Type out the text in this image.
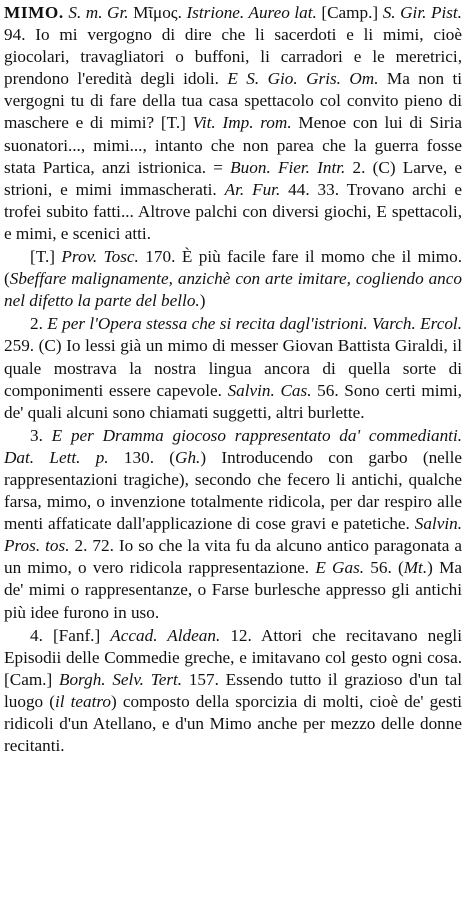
MIMO. S. m. Gr. Μῖμος. Istrione. Aureo lat. [Camp.] S. Gir. Pist. 94. Io mi vergogno di dire che li sacerdoti e li mimi, cioè giocolari, travagliatori o buffoni, li carradori e le meretrici, prendono l'eredità degli idoli. E S. Gio. Gris. Om. Ma non ti vergogni tu di fare della tua casa spettacolo col convito pieno di maschere e di mimi? [T.] Vit. Imp. rom. Menoe con lui di Siria suonatori..., mimi..., intanto che non parea che la guerra fosse stata Partica, anzi istrionica. = Buon. Fier. Intr. 2. (C) Larve, e strioni, e mimi immascherati. Ar. Fur. 44. 33. Trovano archi e trofei subito fatti... Altrove palchi con diversi giochi, E spettacoli, e mimi, e scenici atti.

[T.] Prov. Tosc. 170. È più facile fare il momo che il mimo. (Sbeffare malignamente, anzichè con arte imitare, cogliendo anco nel difetto la parte del bello.)

2. E per l'Opera stessa che si recita dagl'istrioni. Varch. Ercol. 259. (C) Io lessi già un mimo di messer Giovan Battista Giraldi, il quale mostrava la nostra lingua ancora di quella sorte di componimenti essere capevole. Salvin. Cas. 56. Sono certi mimi, de' quali alcuni sono chiamati suggetti, altri burlette.

3. E per Dramma giocoso rappresentato da' commedianti. Dat. Lett. p. 130. (Gh.) Introducendo con garbo (nelle rappresentazioni tragiche), secondo che fecero li antichi, qualche farsa, mimo, o invenzione totalmente ridicola, per dar respiro alle menti affaticate dall'applicazione di cose gravi e patetiche. Salvin. Pros. tos. 2. 72. Io so che la vita fu da alcuno antico paragonata a un mimo, o vero ridicola rappresentazione. E Gas. 56. (Mt.) Ma de' mimi o rappresentanze, o Farse burlesche appresso gli antichi più idee furono in uso.

4. [Fanf.] Accad. Aldean. 12. Attori che recitavano negli Episodii delle Commedie greche, e imitavano col gesto ogni cosa. [Cam.] Borgh. Selv. Tert. 157. Essendo tutto il grazioso d'un tal luogo (il teatro) composto della sporcizia di molti, cioè de' gesti ridicoli d'un Atellano, e d'un Mimo anche per mezzo delle donne recitanti.
